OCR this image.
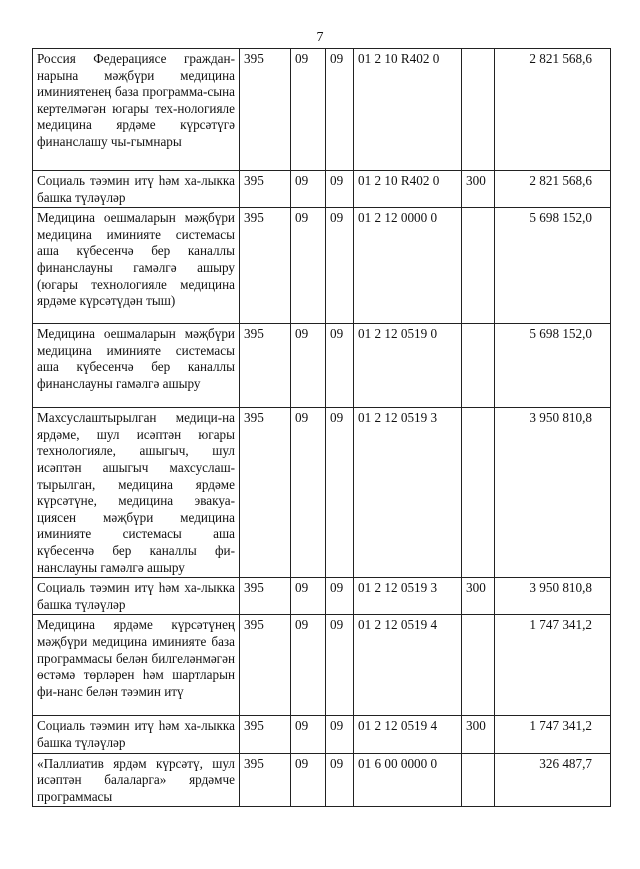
7
Россия Федерациясе граждан-нарына мәҗбүри медицина иминиятенең база программа-сына кертелмәгән югары тех-нологияле медицина ярдәме күрсәтүгә финанслашу чы-гымнары	395	09	09	01 2 10 R402 0		2 821 568,6
Социаль тәэмин итү һәм ха-лыкка башка түләүләр	395	09	09	01 2 10 R402 0	300	2 821 568,6
Медицина оешмаларын мәҗбүри медицина иминияте системасы аша күбесенчә бер каналлы финанслауны гамәлгә ашыру (югары технологияле медицина ярдәме күрсәтүдән тыш)	395	09	09	01 2 12 0000 0		5 698 152,0
Медицина оешмаларын мәҗбүри медицина иминияте системасы аша күбесенчә бер каналлы финанслауны гамәлгә ашыру	395	09	09	01 2 12 0519 0		5 698 152,0
Махсуслаштырылган медици-на ярдәме, шул исәптән югары технологияле, ашыгыч, шул исәптән ашыгыч махсуслаш-тырылган, медицина ярдәме күрсәтүне, медицина эвакуа-циясен мәҗбүри медицина иминияте системасы аша күбесенчә бер каналлы фи-нанслауны гамәлгә ашыру	395	09	09	01 2 12 0519 3		3 950 810,8
Социаль тәэмин итү һәм ха-лыкка башка түләүләр	395	09	09	01 2 12 0519 3	300	3 950 810,8
Медицина ярдәме күрсәтүнең мәҗбүри медицина иминияте база программасы белән билгеләнмәгән өстәмә төрләрен һәм шартларын фи-нанс белән тәэмин итү	395	09	09	01 2 12 0519 4		1 747 341,2
Социаль тәэмин итү һәм ха-лыкка башка түләүләр	395	09	09	01 2 12 0519 4	300	1 747 341,2
«Паллиатив ярдәм күрсәтү, шул исәптән балаларга» ярдәмче программасы	395	09	09	01 6 00 0000 0		326 487,7
